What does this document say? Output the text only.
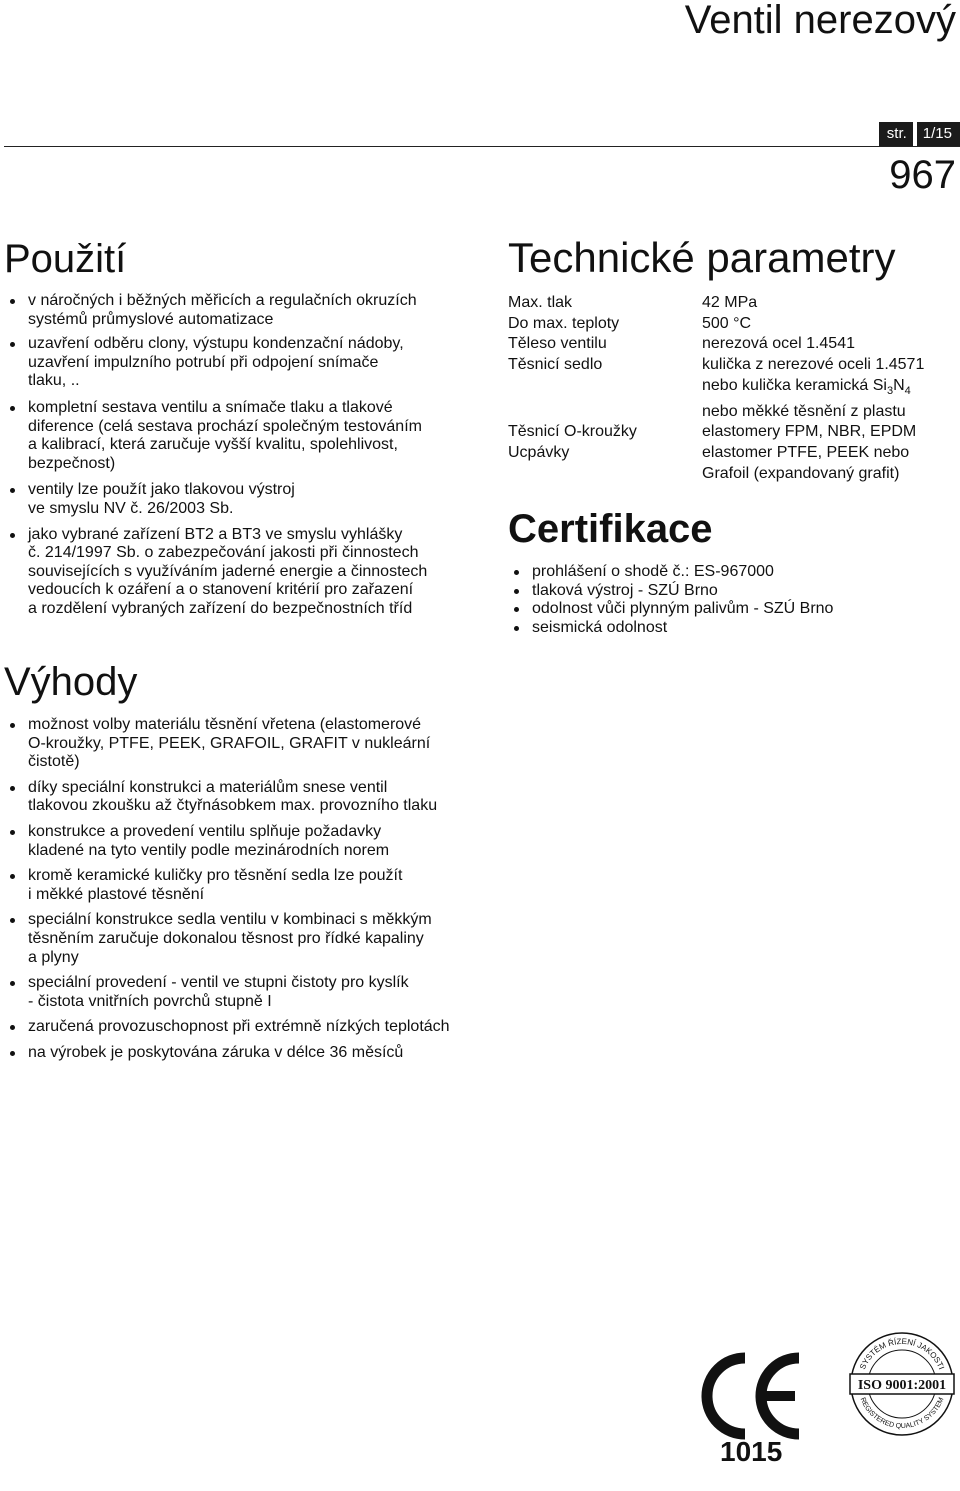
Ventil nerezový
str. 1/15
967
Použití
v náročných i běžných měřicích a regulačních okruzích
systémů průmyslové automatizace
uzavření odběru clony, výstupu kondenzační nádoby,
uzavření impulzního potrubí při odpojení snímače
tlaku, ..
kompletní sestava ventilu a snímače tlaku a tlakové
diference (celá sestava prochází společným testováním
a kalibrací, která zaručuje vyšší kvalitu, spolehlivost,
bezpečnost)
ventily lze použít jako tlakovou výstroj
ve smyslu NV č. 26/2003 Sb.
jako vybrané zařízení BT2 a BT3 ve smyslu vyhlášky
č. 214/1997 Sb. o zabezpečování jakosti při činnostech
souvisejících s využíváním jaderné energie a činnostech
vedoucích k ozáření a o stanovení kritérií pro zařazení
a rozdělení vybraných zařízení do bezpečnostních tříd
Výhody
možnost volby materiálu těsnění vřetena (elastomerové
O-kroužky, PTFE, PEEK, GRAFOIL, GRAFIT v nukleární
čistotě)
díky speciální konstrukci a materiálům snese ventil
tlakovou zkoušku až čtyřnásobkem max. provozního tlaku
konstrukce a provedení ventilu splňuje požadavky
kladené na tyto ventily podle mezinárodních norem
kromě keramické kuličky pro těsnění sedla lze použít
i měkké plastové těsnění
speciální konstrukce sedla ventilu v kombinaci s měkkým
těsněním zaručuje dokonalou těsnost pro řídké kapaliny
a plyny
speciální provedení - ventil ve stupni čistoty pro kyslík
- čistota vnitřních povrchů stupně I
zaručená provozuschopnost při extrémně nízkých teplotách
na výrobek je poskytována záruka v délce 36 měsíců
Technické parametry
Max. tlak	42 MPa
Do max. teploty	500 °C
Těleso ventilu	nerezová ocel 1.4541
Těsnicí sedlo	kulička z nerezové oceli 1.4571
nebo kulička keramická $Si_3N_4$
nebo měkké těsnění z plastu
Těsnicí O-kroužky	elastomery FPM, NBR, EPDM
Ucpávky	elastomer PTFE, PEEK nebo
Grafoil (expandovaný grafit)
Certifikace
prohlášení o shodě č.: ES-967000
tlaková výstroj - SZÚ Brno
odolnost vůči plynným palivům - SZÚ Brno
seismická odolnost
1015
SYSTÉM ŘÍZENÍ JAKOSTI
REGISTERED QUALITY SYSTEM
ISO 9001:2001
